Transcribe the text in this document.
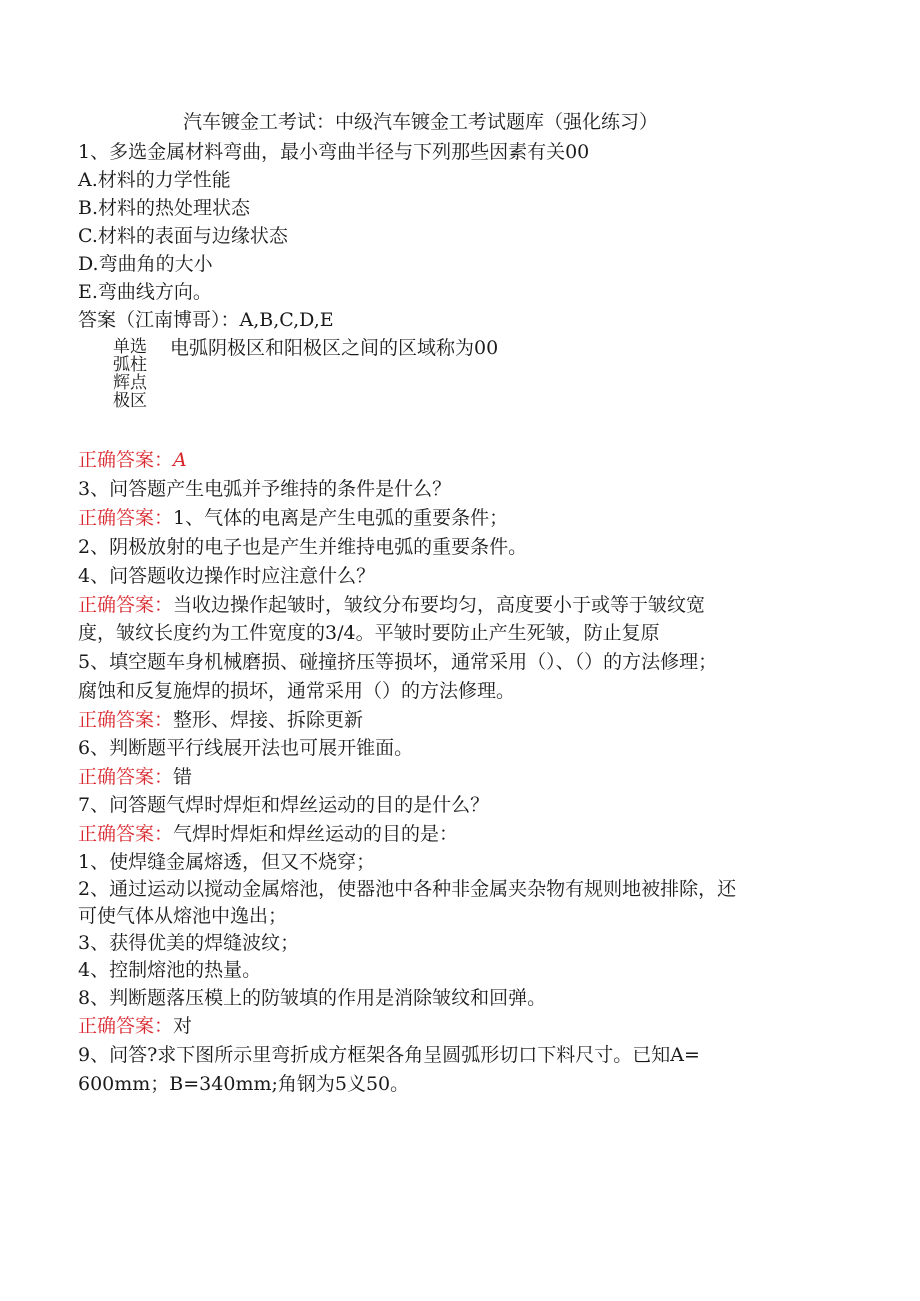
汽车镀金工考试：中级汽车镀金工考试题库（强化练习）
1、多选金属材料弯曲，最小弯曲半径与下列那些因素有关00
A.材料的力学性能
B.材料的热处理状态
C.材料的表面与边缘状态
D.弯曲角的大小
E.弯曲线方向。
答案（江南博哥）：A,B,C,D,E
单选 电弧阴极区和阳极区之间的区域称为00
弧柱
辉点
极区
正确答案：A
3、问答题产生电弧并予维持的条件是什么？
正确答案：1、气体的电离是产生电弧的重要条件；
2、阴极放射的电子也是产生并维持电弧的重要条件。
4、问答题收边操作时应注意什么？
正确答案：当收边操作起皱时，皱纹分布要均匀，高度要小于或等于皱纹宽
度，皱纹长度约为工件宽度的3/4。平皱时要防止产生死皱，防止复原
5、填空题车身机械磨损、碰撞挤压等损坏，通常采用（）、（）的方法修理；
腐蚀和反复施焊的损坏，通常采用（）的方法修理。
正确答案：整形、焊接、拆除更新
6、判断题平行线展开法也可展开锥面。
正确答案：错
7、问答题气焊时焊炬和焊丝运动的目的是什么？
正确答案：气焊时焊炬和焊丝运动的目的是：
1、使焊缝金属熔透，但又不烧穿；
2、通过运动以搅动金属熔池，使器池中各种非金属夹杂物有规则地被排除，还
可使气体从熔池中逸出；
3、获得优美的焊缝波纹；
4、控制熔池的热量。
8、判断题落压模上的防皱填的作用是消除皱纹和回弹。
正确答案：对
9、问答?求下图所示里弯折成方框架各角呈圆弧形切口下料尺寸。已知A=
600mm；B=340mm;角钢为5义50。
